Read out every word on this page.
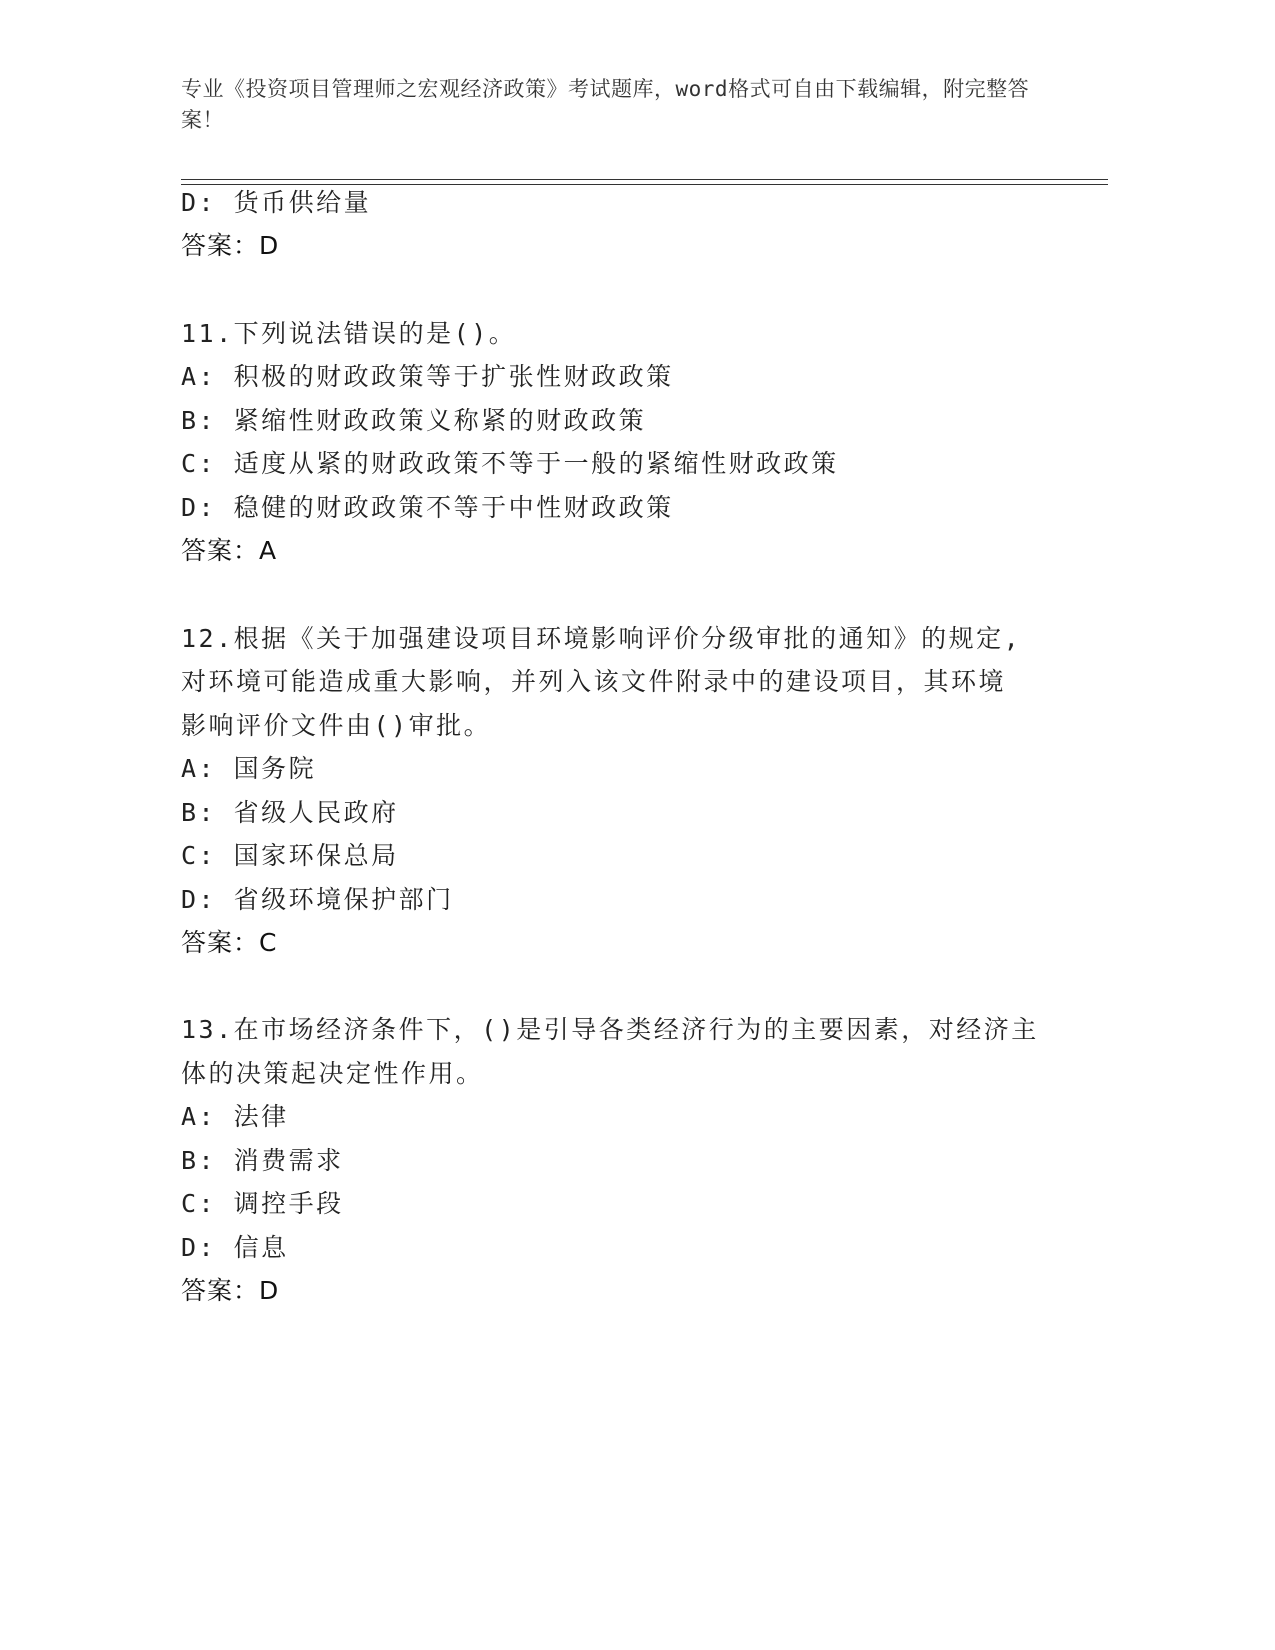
专业《投资项目管理师之宏观经济政策》考试题库，word格式可自由下载编辑，附完整答案！
D: 货币供给量
答案：D
11.下列说法错误的是()。
A: 积极的财政政策等于扩张性财政政策
B: 紧缩性财政政策义称紧的财政政策
C: 适度从紧的财政政策不等于一般的紧缩性财政政策
D: 稳健的财政政策不等于中性财政政策
答案：A
12.根据《关于加强建设项目环境影响评价分级审批的通知》的规定,
对环境可能造成重大影响，并列入该文件附录中的建设项目，其环境
影响评价文件由()审批。
A: 国务院
B: 省级人民政府
C: 国家环保总局
D: 省级环境保护部门
答案：C
13.在市场经济条件下，()是引导各类经济行为的主要因素，对经济主
体的决策起决定性作用。
A: 法律
B: 消费需求
C: 调控手段
D: 信息
答案：D
